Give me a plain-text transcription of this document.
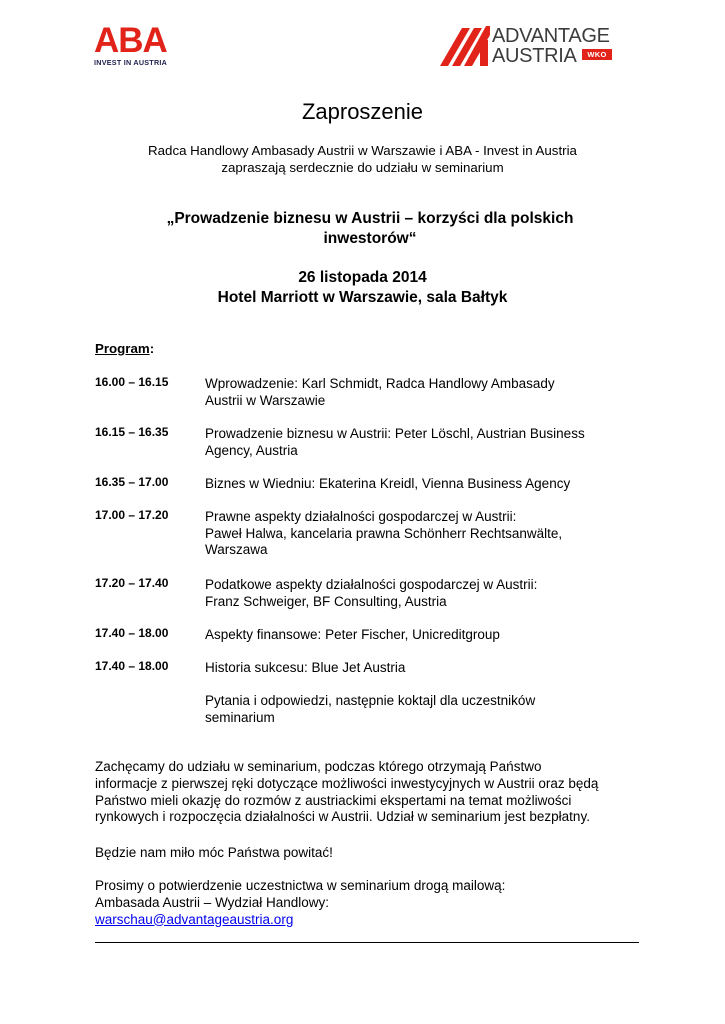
ABA
INVEST IN AUSTRIA
ADVANTAGE
AUSTRIA	WKO
Zaproszenie
Radca Handlowy Ambasady Austrii w Warszawie i ABA - Invest in Austria
zapraszają serdecznie do udziału w seminarium
„Prowadzenie biznesu w Austrii – korzyści dla polskich inwestorów“
26 listopada 2014
Hotel Marriott w Warszawie, sala Bałtyk
Program:
16.00 – 16.15	Wprowadzenie: Karl Schmidt, Radca Handlowy Ambasady
Austrii w Warszawie
16.15 – 16.35	Prowadzenie biznesu w Austrii: Peter Löschl, Austrian Business
Agency, Austria
16.35 – 17.00	Biznes w Wiedniu: Ekaterina Kreidl, Vienna Business Agency
17.00 – 17.20	Prawne aspekty działalności gospodarczej w Austrii:
Paweł Halwa, kancelaria prawna Schönherr Rechtsanwälte,
Warszawa
17.20 – 17.40	Podatkowe aspekty działalności gospodarczej w Austrii:
Franz Schweiger, BF Consulting, Austria
17.40 – 18.00	Aspekty finansowe: Peter Fischer, Unicreditgroup
17.40 – 18.00	Historia sukcesu: Blue Jet Austria
Pytania i odpowiedzi, następnie koktajl dla uczestników
seminarium
Zachęcamy do udziału w seminarium, podczas którego otrzymają Państwo
informacje z pierwszej ręki dotyczące możliwości inwestycyjnych w Austrii oraz będą
Państwo mieli okazję do rozmów z austriackimi ekspertami na temat możliwości
rynkowych i rozpoczęcia działalności w Austrii. Udział w seminarium jest bezpłatny.
Będzie nam miło móc Państwa powitać!
Prosimy o potwierdzenie uczestnictwa w seminarium drogą mailową:
Ambasada Austrii – Wydział Handlowy:
warschau@advantageaustria.org
